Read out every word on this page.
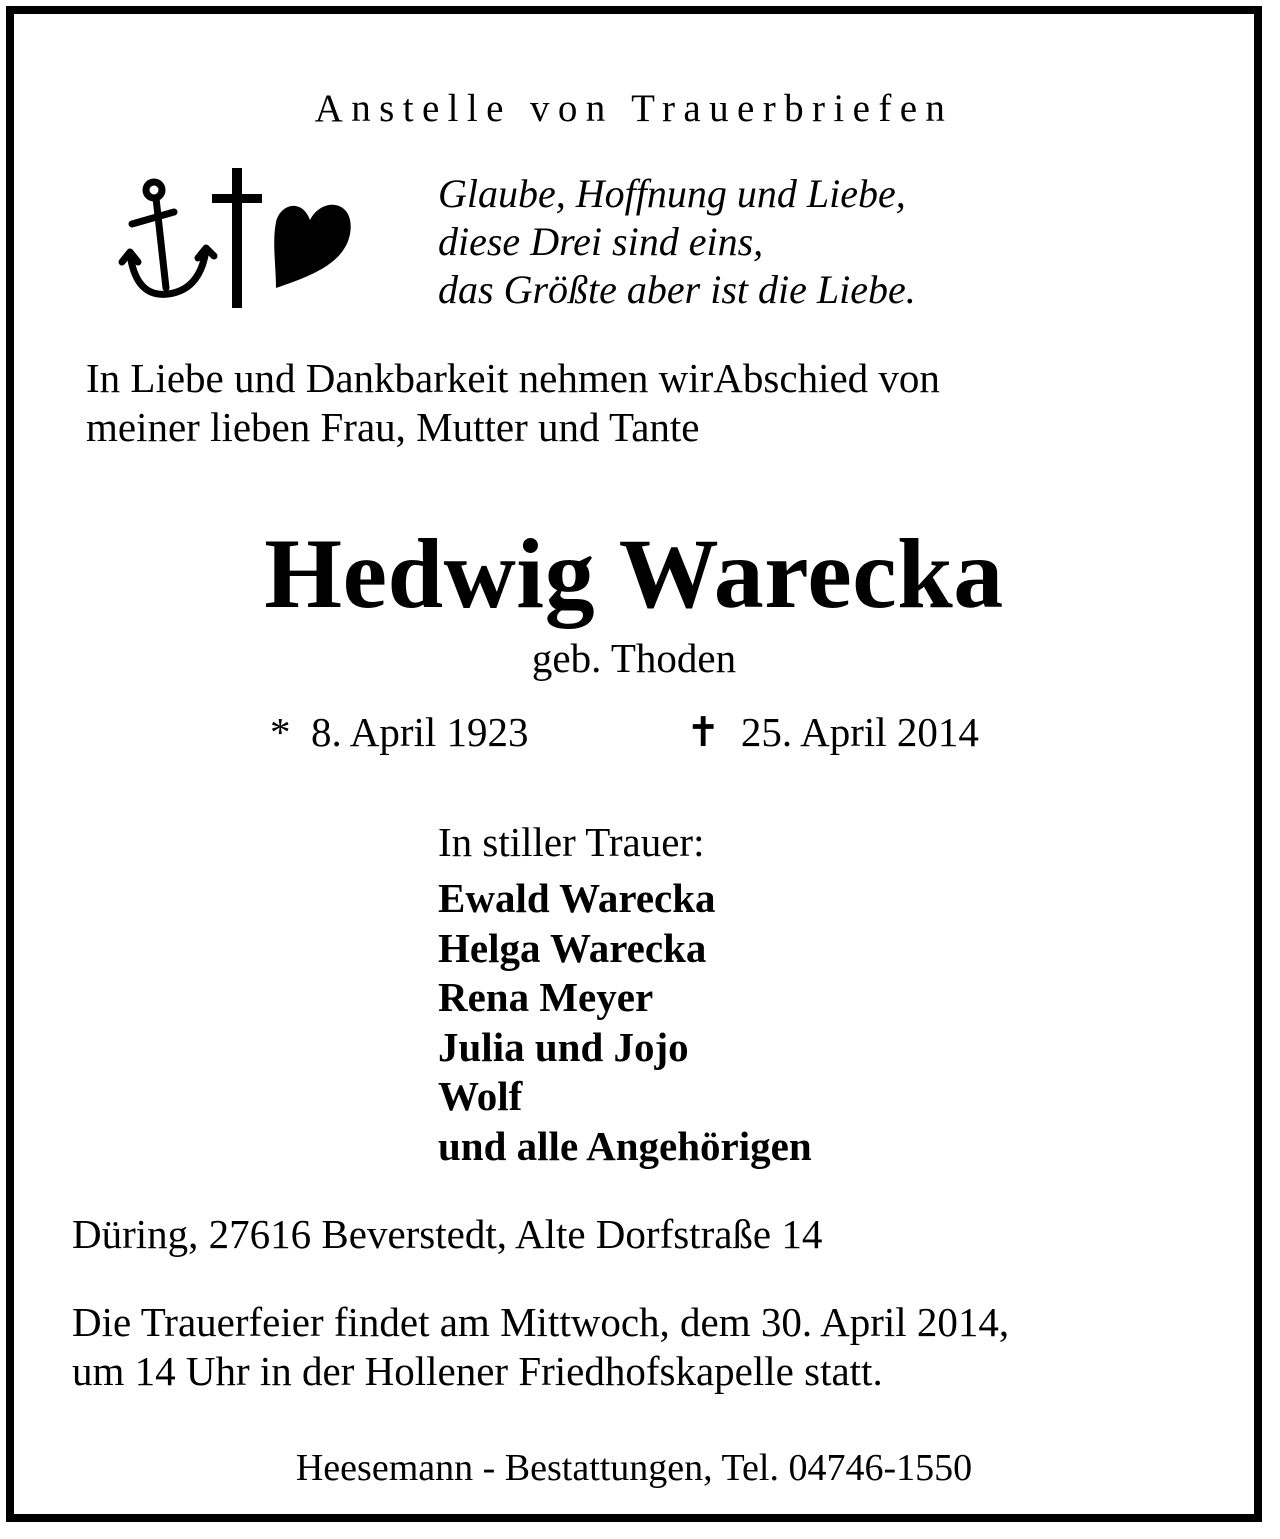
Anstelle von Trauerbriefen
Glaube, Hoffnung und Liebe,
diese Drei sind eins,
das Größte aber ist die Liebe.
In Liebe und Dankbarkeit nehmen wirAbschied von
meiner lieben Frau, Mutter und Tante
Hedwig Warecka
geb. Thoden
* 8. April 1923	✝ 25. April 2014
In stiller Trauer:
Ewald Warecka
Helga Warecka
Rena Meyer
Julia und Jojo
Wolf
und alle Angehörigen
Düring, 27616 Beverstedt, Alte Dorfstraße 14
Die Trauerfeier findet am Mittwoch, dem 30. April 2014,
um 14 Uhr in der Hollener Friedhofskapelle statt.
Heesemann - Bestattungen, Tel. 04746-1550
